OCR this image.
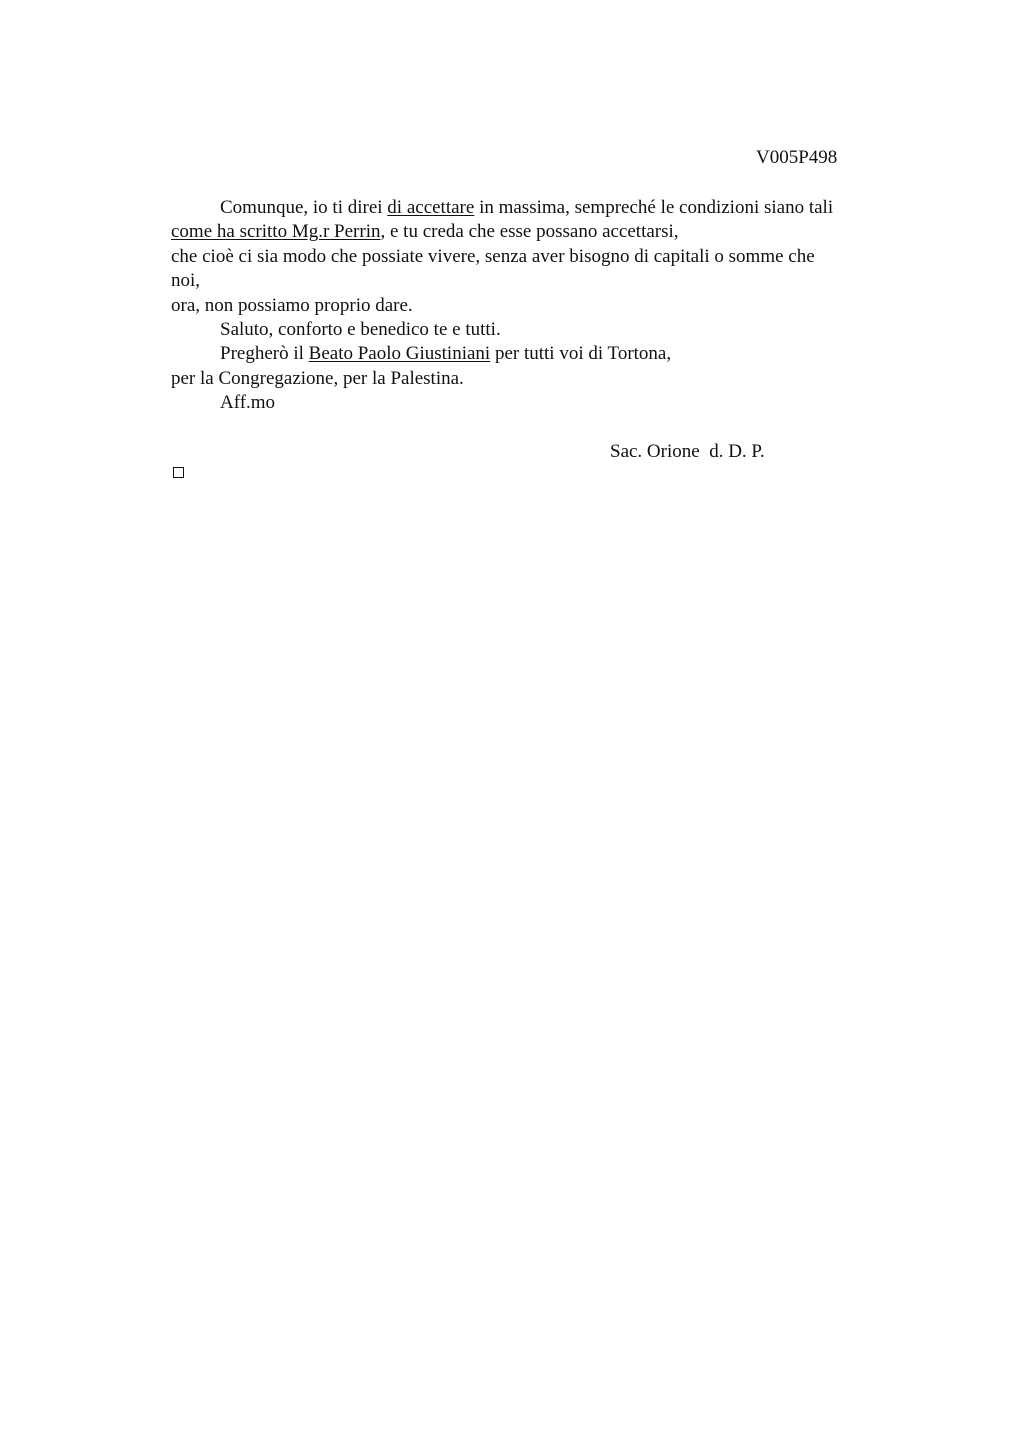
V005P498
Comunque, io ti direi di accettare in massima, sempreché le condizioni siano tali
come ha scritto Mg.r Perrin, e tu creda che esse possano accettarsi,
che cioè ci sia modo che possiate vivere, senza aver bisogno di capitali o somme che
noi,
ora, non possiamo proprio dare.
Saluto, conforto e benedico te e tutti.
Pregherò il Beato Paolo Giustiniani per tutti voi di Tortona,
per la Congregazione, per la Palestina.
Aff.mo
Sac. Orione  d. D. P.
